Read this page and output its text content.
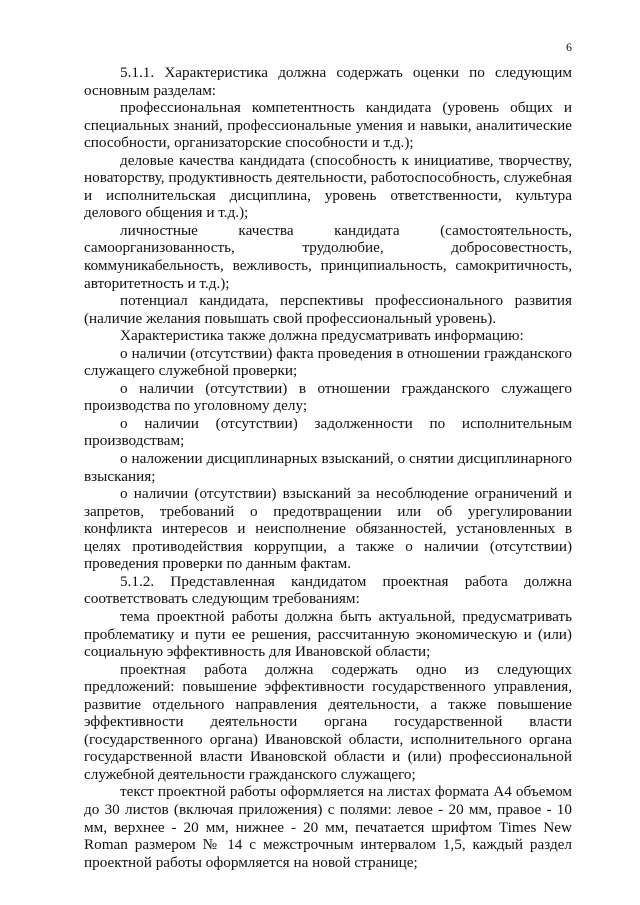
6

5.1.1. Характеристика должна содержать оценки по следующим основным разделам:

профессиональная компетентность кандидата (уровень общих и специальных знаний, профессиональные умения и навыки, аналитические способности, организаторские способности и т.д.);

деловые качества кандидата (способность к инициативе, творчеству, новаторству, продуктивность деятельности, работоспособность, служебная и исполнительская дисциплина, уровень ответственности, культура делового общения и т.д.);

личностные качества кандидата (самостоятельность, самоорганизованность, трудолюбие, добросовестность, коммуникабельность, вежливость, принципиальность, самокритичность, авторитетность и т.д.);

потенциал кандидата, перспективы профессионального развития (наличие желания повышать свой профессиональный уровень).

Характеристика также должна предусматривать информацию:

о наличии (отсутствии) факта проведения в отношении гражданского служащего служебной проверки;

о наличии (отсутствии) в отношении гражданского служащего производства по уголовному делу;

о наличии (отсутствии) задолженности по исполнительным производствам;

о наложении дисциплинарных взысканий, о снятии дисциплинарного взыскания;

о наличии (отсутствии) взысканий за несоблюдение ограничений и запретов, требований о предотвращении или об урегулировании конфликта интересов и неисполнение обязанностей, установленных в целях противодействия коррупции, а также о наличии (отсутствии) проведения проверки по данным фактам.

5.1.2. Представленная кандидатом проектная работа должна соответствовать следующим требованиям:

тема проектной работы должна быть актуальной, предусматривать проблематику и пути ее решения, рассчитанную экономическую и (или) социальную эффективность для Ивановской области;

проектная работа должна содержать одно из следующих предложений: повышение эффективности государственного управления, развитие отдельного направления деятельности, а также повышение эффективности деятельности органа государственной власти (государственного органа) Ивановской области, исполнительного органа государственной власти Ивановской области и (или) профессиональной служебной деятельности гражданского служащего;

текст проектной работы оформляется на листах формата А4 объемом до 30 листов (включая приложения) с полями: левое - 20 мм, правое - 10 мм, верхнее - 20 мм, нижнее - 20 мм, печатается шрифтом Times New Roman размером № 14 с межстрочным интервалом 1,5, каждый раздел проектной работы оформляется на новой странице;
